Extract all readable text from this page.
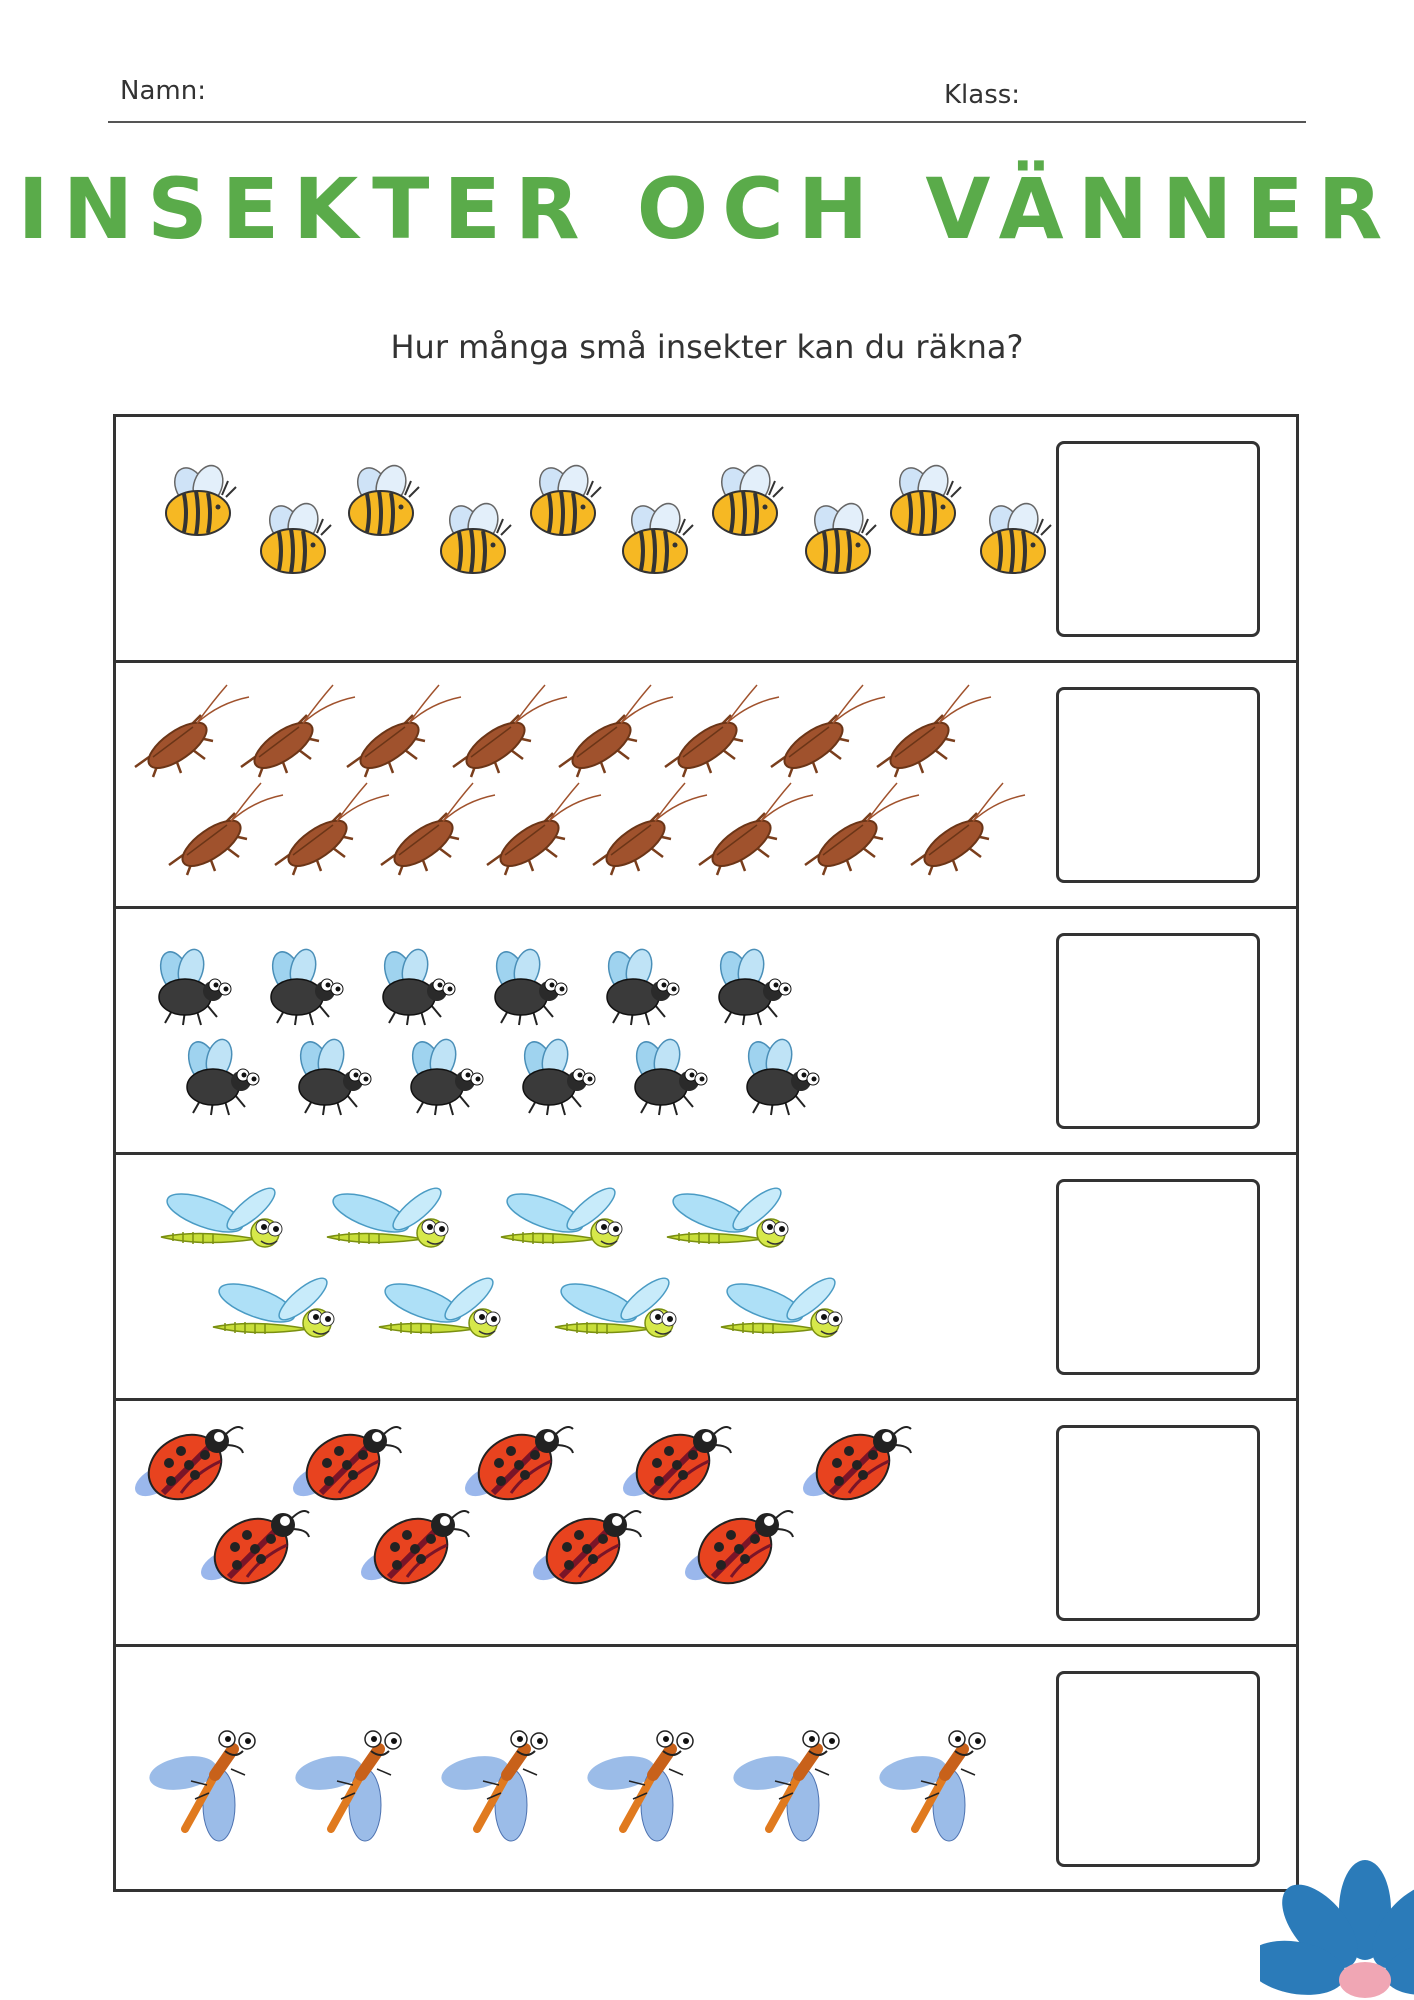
Namn:	Klass:
INSEKTER OCH VÄNNER
Hur många små insekter kan du räkna?
